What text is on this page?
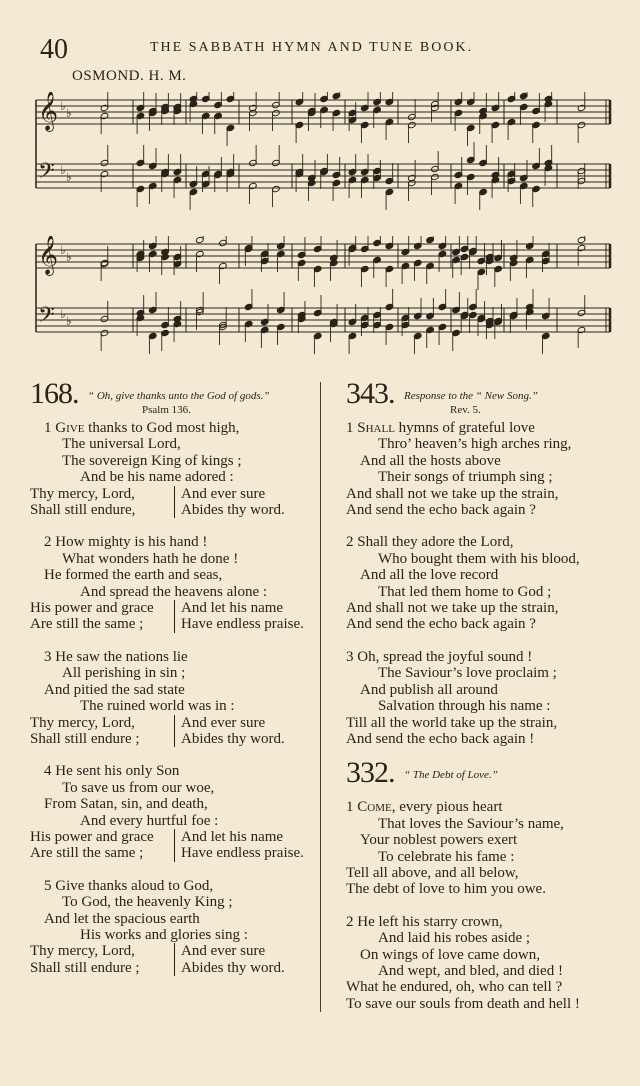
40	THE SABBATH HYMN AND TUNE BOOK.
OSMOND. H. M.
𝄞 ♭ ♭
𝄢 ♭ ♭
𝄞 ♭ ♭
𝄢 ♭ ♭
168. “ Oh, give thanks unto the God of gods.”
Psalm 136.
1 Give thanks to God most high,
The universal Lord,
The sovereign King of kings ;
And be his name adored :
Thy mercy, Lord,	And ever sure
Shall still endure,	Abides thy word.
2 How mighty is his hand !
What wonders hath he done !
He formed the earth and seas,
And spread the heavens alone :
His power and grace	And let his name
Are still the same ;	Have endless praise.
3 He saw the nations lie
All perishing in sin ;
And pitied the sad state
The ruined world was in :
Thy mercy, Lord,	And ever sure
Shall still endure ;	Abides thy word.
4 He sent his only Son
To save us from our woe,
From Satan, sin, and death,
And every hurtful foe :
His power and grace	And let his name
Are still the same ;	Have endless praise.
5 Give thanks aloud to God,
To God, the heavenly King ;
And let the spacious earth
His works and glories sing :
Thy mercy, Lord,	And ever sure
Shall still endure ;	Abides thy word.
343. Response to the “ New Song.”
Rev. 5.
1 Shall hymns of grateful love
Thro’ heaven’s high arches ring,
And all the hosts above
Their songs of triumph sing ;
And shall not we take up the strain,
And send the echo back again ?
2 Shall they adore the Lord,
Who bought them with his blood,
And all the love record
That led them home to God ;
And shall not we take up the strain,
And send the echo back again ?
3 Oh, spread the joyful sound !
The Saviour’s love proclaim ;
And publish all around
Salvation through his name :
Till all the world take up the strain,
And send the echo back again !
332. “ The Debt of Love.”
1 Come, every pious heart
That loves the Saviour’s name,
Your noblest powers exert
To celebrate his fame :
Tell all above, and all below,
The debt of love to him you owe.
2 He left his starry crown,
And laid his robes aside ;
On wings of love came down,
And wept, and bled, and died !
What he endured, oh, who can tell ?
To save our souls from death and hell !
